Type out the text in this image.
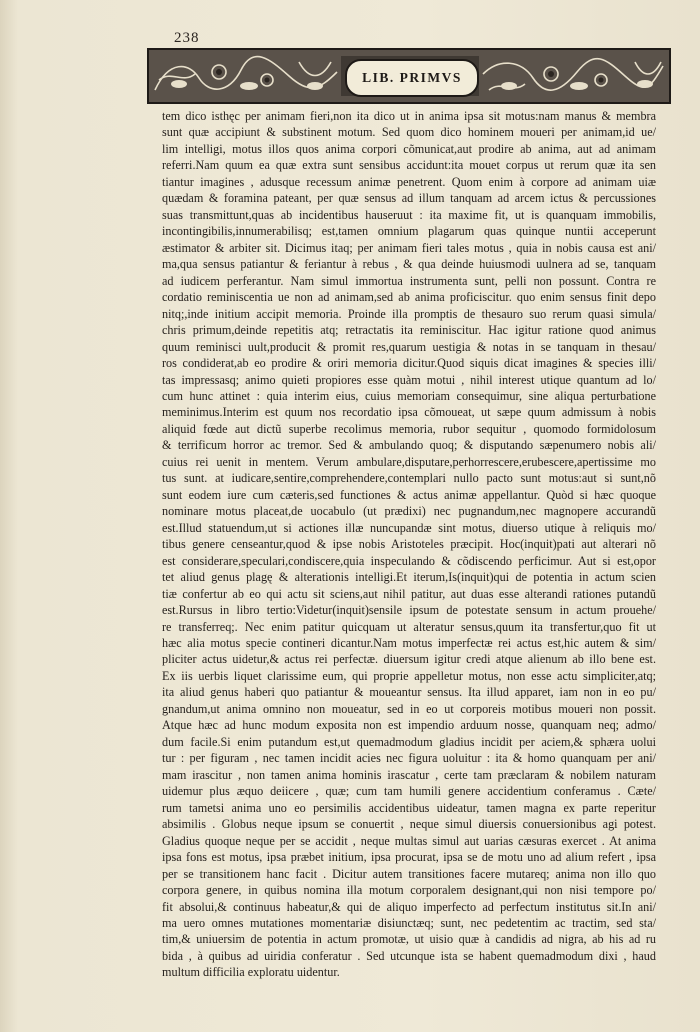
238
LIB. PRIMVS
tem dico isthęc per animam fieri,non ita dico ut in anima ipsa sit motus:nam manus & membra
sunt quæ accipiunt & substinent motum. Sed quom dico hominem moueri per animam,id ue/
lim intelligi, motus illos quos anima corpori cõmunicat,aut prodire ab anima, aut ad animam
referri.Nam quum ea quæ extra sunt sensibus accidunt:ita mouet corpus ut rerum quæ ita sen
tiantur imagines , adusque recessum animæ penetrent. Quom enim à corpore ad animam uiæ
quædam & foramina pateant, per quæ sensus ad illum tanquam ad arcem ictus & percussiones
suas transmittunt,quas ab incidentibus hauseruut : ita maxime fit, ut is quanquam immobilis,
incontingibilis,innumerabilisq; est,tamen omnium plagarum quas quinque nuntii acceperunt
æstimator & arbiter sit. Dicimus itaq; per animam fieri tales motus , quia in nobis causa est ani/
ma,qua sensus patiantur & feriantur à rebus , & qua deinde huiusmodi uulnera ad se, tanquam
ad iudicem perferantur. Nam simul immortua instrumenta sunt, pelli non possunt. Contra re
cordatio reminiscentia ue non ad animam,sed ab anima proficiscitur. quo enim sensus finit depo
nitq;,inde initium accipit memoria. Proinde illa promptis de thesauro suo rerum quasi simula/
chris primum,deinde repetitis atq; retractatis ita reminiscitur. Hac igitur ratione quod animus
quum reminisci uult,producit & promit res,quarum uestigia & notas in se tanquam in thesau/
ros condiderat,ab eo prodire & oriri memoria dicitur.Quod siquis dicat imagines & species illi/
tas impressasq; animo quieti propiores esse quàm motui , nihil interest utique quantum ad lo/
cum hunc attinet : quia interim eius, cuius memoriam consequimur, sine aliqua perturbatione
meminimus.Interim est quum nos recordatio ipsa cõmoueat, ut sæpe quum admissum à nobis
aliquid fœde aut dictũ superbe recolimus memoria, rubor sequitur , quomodo formidolosum
& terrificum horror ac tremor. Sed & ambulando quoq; & disputando sæpenumero nobis ali/
cuius rei uenit in mentem. Verum ambulare,disputare,perhorrescere,erubescere,apertissime mo
tus sunt. at iudicare,sentire,comprehendere,contemplari nullo pacto sunt motus:aut si sunt,nõ
sunt eodem iure cum cæteris,sed functiones & actus animæ appellantur. Quòd si hæc quoque
nominare motus placeat,de uocabulo (ut prædixi) nec pugnandum,nec magnopere accurandũ
est.Illud statuendum,ut si actiones illæ nuncupandæ sint motus, diuerso utique à reliquis mo/
tibus genere censeantur,quod & ipse nobis Aristoteles præcipit. Hoc(inquit)pati aut alterari nõ
est considerare,speculari,condiscere,quia inspeculando & cõdiscendo perficimur. Aut si est,opor
tet aliud genus plagę & alterationis intelligi.Et iterum,Is(inquit)qui de potentia in actum scien
tiæ confertur ab eo qui actu sit sciens,aut nihil patitur, aut duas esse alterandi rationes putandũ
est.Rursus in libro tertio:Videtur(inquit)sensile ipsum de potestate sensum in actum prouehe/
re transferreq;. Nec enim patitur quicquam ut alteratur sensus,quum ita transfertur,quo fit ut
hæc alia motus specie contineri dicantur.Nam motus imperfectæ rei actus est,hic autem & sim/
pliciter actus uidetur,& actus rei perfectæ. diuersum igitur credi atque alienum ab illo bene est.
Ex iis uerbis liquet clarissime eum, qui proprie appelletur motus, non esse actu simpliciter,atq;
ita aliud genus haberi quo patiantur & moueantur sensus. Ita illud apparet, iam non in eo pu/
gnandum,ut anima omnino non moueatur, sed in eo ut corporeis motibus moueri non possit.
Atque hæc ad hunc modum exposita non est impendio arduum nosse, quanquam neq; admo/
dum facile.Si enim putandum est,ut quemadmodum gladius incidit per aciem,& sphæra uolui
tur : per figuram , nec tamen incidit acies nec figura uoluitur : ita & homo quanquam per ani/
mam irascitur , non tamen anima hominis irascatur , certe tam præclaram & nobilem naturam
uidemur plus æquo deiicere , quæ; cum tam humili genere accidentium conferamus . Cæte/
rum tametsi anima uno eo persimilis accidentibus uideatur, tamen magna ex parte reperitur
absimilis . Globus neque ipsum se conuertit , neque simul diuersis conuersionibus agi potest.
Gladius quoque neque per se accidit , neque multas simul aut uarias cæsuras exercet . At anima
ipsa fons est motus, ipsa præbet initium, ipsa procurat, ipsa se de motu uno ad alium refert , ipsa
per se transitionem hanc facit . Dicitur autem transitiones facere mutareq; anima non illo quo
corpora genere, in quibus nomina illa motum corporalem designant,qui non nisi tempore po/
fit absolui,& continuus habeatur,& qui de aliquo imperfecto ad perfectum institutus sit.In ani/
ma uero omnes mutationes momentariæ disiunctæq; sunt, nec pedetentim ac tractim, sed sta/
tim,& uniuersim de potentia in actum promotæ, ut uisio quæ à candidis ad nigra, ab his ad ru
bida , à quibus ad uiridia conferatur . Sed utcunque ista se habent quemadmodum dixi , haud
multum difficilia exploratu uidentur.
